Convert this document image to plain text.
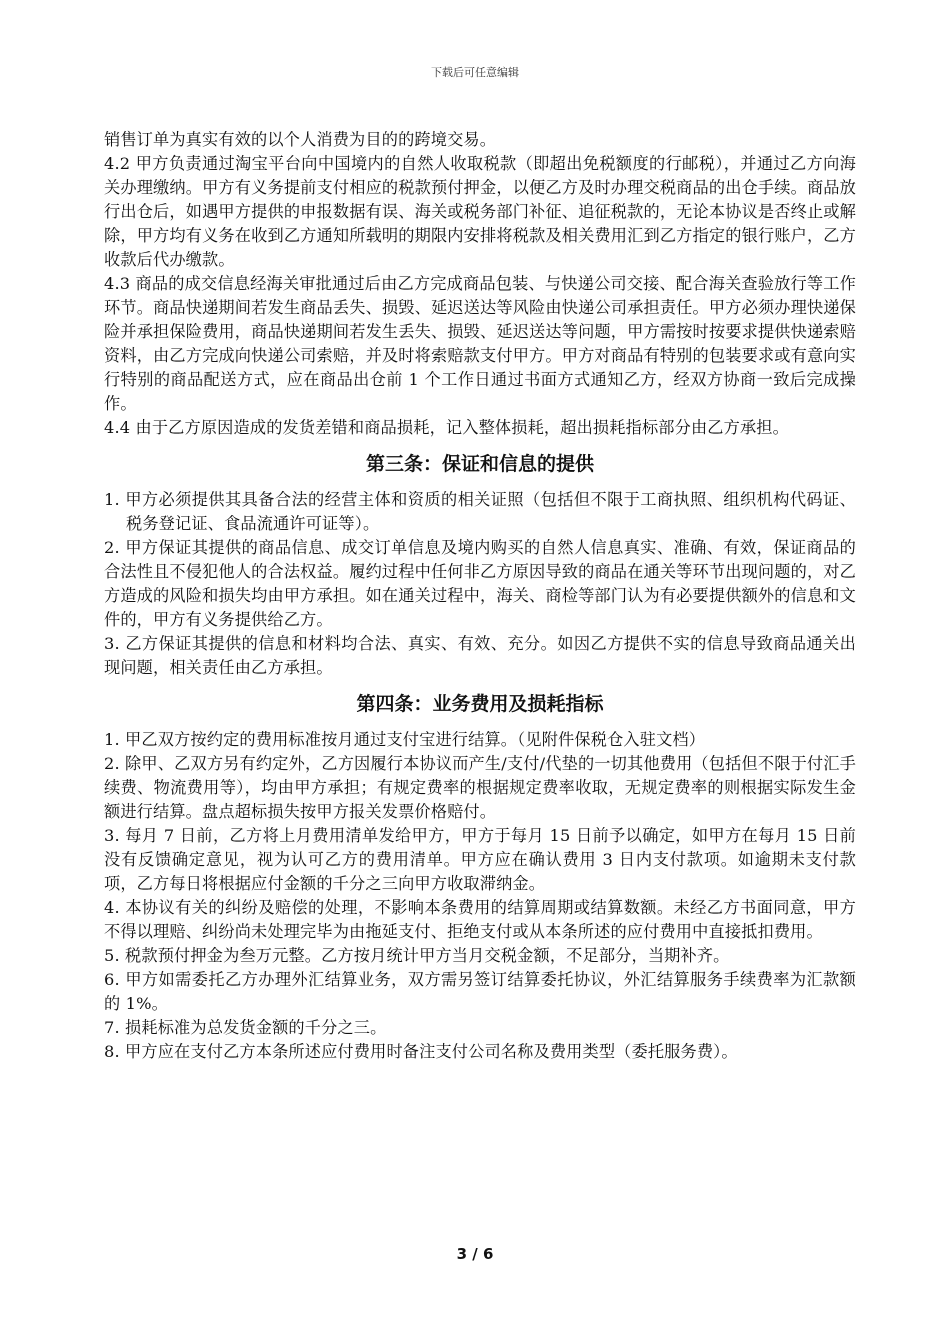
下载后可任意编辑

销售订单为真实有效的以个人消费为目的的跨境交易。

4.2 甲方负责通过淘宝平台向中国境内的自然人收取税款（即超出免税额度的行邮税），并通过乙方向海关办理缴纳。甲方有义务提前支付相应的税款预付押金，以便乙方及时办理交税商品的出仓手续。商品放行出仓后，如遇甲方提供的申报数据有误、海关或税务部门补征、追征税款的，无论本协议是否终止或解除，甲方均有义务在收到乙方通知所载明的期限内安排将税款及相关费用汇到乙方指定的银行账户，乙方收款后代办缴款。

4.3 商品的成交信息经海关审批通过后由乙方完成商品包装、与快递公司交接、配合海关查验放行等工作环节。商品快递期间若发生商品丢失、损毁、延迟送达等风险由快递公司承担责任。甲方必须办理快递保险并承担保险费用，商品快递期间若发生丢失、损毁、延迟送达等问题，甲方需按时按要求提供快递索赔资料，由乙方完成向快递公司索赔，并及时将索赔款支付甲方。甲方对商品有特别的包装要求或有意向实行特别的商品配送方式，应在商品出仓前 1 个工作日通过书面方式通知乙方，经双方协商一致后完成操作。

4.4 由于乙方原因造成的发货差错和商品损耗，记入整体损耗，超出损耗指标部分由乙方承担。

第三条：保证和信息的提供

1. 甲方必须提供其具备合法的经营主体和资质的相关证照（包括但不限于工商执照、组织机构代码证、税务登记证、食品流通许可证等）。

2. 甲方保证其提供的商品信息、成交订单信息及境内购买的自然人信息真实、准确、有效，保证商品的合法性且不侵犯他人的合法权益。履约过程中任何非乙方原因导致的商品在通关等环节出现问题的，对乙方造成的风险和损失均由甲方承担。如在通关过程中，海关、商检等部门认为有必要提供额外的信息和文件的，甲方有义务提供给乙方。

3. 乙方保证其提供的信息和材料均合法、真实、有效、充分。如因乙方提供不实的信息导致商品通关出现问题，相关责任由乙方承担。

第四条：业务费用及损耗指标

1. 甲乙双方按约定的费用标准按月通过支付宝进行结算。（见附件保税仓入驻文档）

2. 除甲、乙双方另有约定外，乙方因履行本协议而产生/支付/代垫的一切其他费用（包括但不限于付汇手续费、物流费用等），均由甲方承担；有规定费率的根据规定费率收取，无规定费率的则根据实际发生金额进行结算。盘点超标损失按甲方报关发票价格赔付。

3. 每月 7 日前，乙方将上月费用清单发给甲方，甲方于每月 15 日前予以确定，如甲方在每月 15 日前没有反馈确定意见，视为认可乙方的费用清单。甲方应在确认费用 3 日内支付款项。如逾期未支付款项，乙方每日将根据应付金额的千分之三向甲方收取滞纳金。

4. 本协议有关的纠纷及赔偿的处理，不影响本条费用的结算周期或结算数额。未经乙方书面同意，甲方不得以理赔、纠纷尚未处理完毕为由拖延支付、拒绝支付或从本条所述的应付费用中直接抵扣费用。

5. 税款预付押金为叁万元整。乙方按月统计甲方当月交税金额，不足部分，当期补齐。

6. 甲方如需委托乙方办理外汇结算业务，双方需另签订结算委托协议，外汇结算服务手续费率为汇款额的 1%。

7. 损耗标准为总发货金额的千分之三。

8. 甲方应在支付乙方本条所述应付费用时备注支付公司名称及费用类型（委托服务费）。

3 / 6
